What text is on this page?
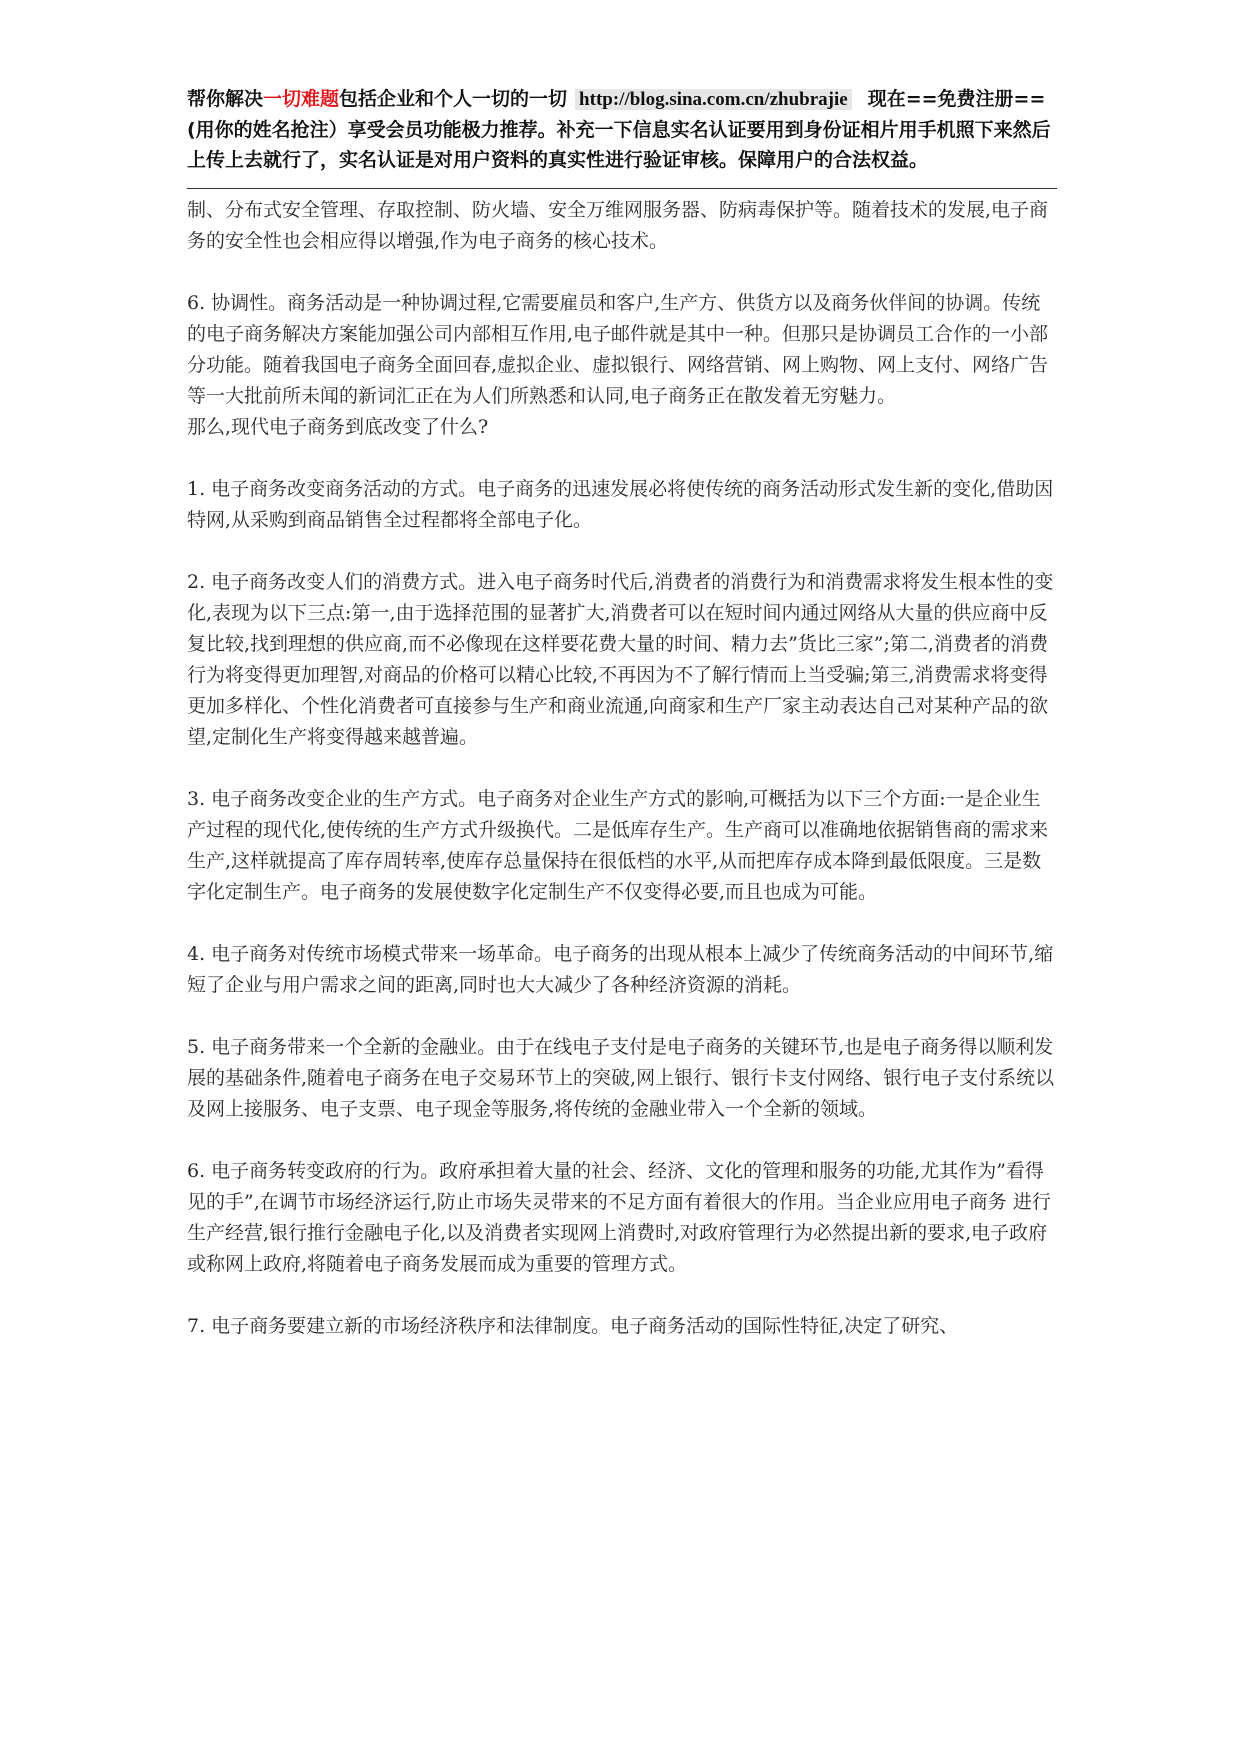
帮你解决一切难题包括企业和个人一切的一切 http://blog.sina.com.cn/zhubrajie 现在==免费注册==(用你的姓名抢注）享受会员功能极力推荐。补充一下信息实名认证要用到身份证相片用手机照下来然后上传上去就行了，实名认证是对用户资料的真实性进行验证审核。保障用户的合法权益。

制、分布式安全管理、存取控制、防火墙、安全万维网服务器、防病毒保护等。随着技术的发展,电子商务的安全性也会相应得以增强,作为电子商务的核心技术。

6. 协调性。商务活动是一种协调过程,它需要雇员和客户,生产方、供货方以及商务伙伴间的协调。传统的电子商务解决方案能加强公司内部相互作用,电子邮件就是其中一种。但那只是协调员工合作的一小部分功能。随着我国电子商务全面回春,虚拟企业、虚拟银行、网络营销、网上购物、网上支付、网络广告等一大批前所未闻的新词汇正在为人们所熟悉和认同,电子商务正在散发着无穷魅力。

那么,现代电子商务到底改变了什么?

1. 电子商务改变商务活动的方式。电子商务的迅速发展必将使传统的商务活动形式发生新的变化,借助因特网,从采购到商品销售全过程都将全部电子化。

2. 电子商务改变人们的消费方式。进入电子商务时代后,消费者的消费行为和消费需求将发生根本性的变化,表现为以下三点:第一,由于选择范围的显著扩大,消费者可以在短时间内通过网络从大量的供应商中反复比较,找到理想的供应商,而不必像现在这样要花费大量的时间、精力去”货比三家”;第二,消费者的消费行为将变得更加理智,对商品的价格可以精心比较,不再因为不了解行情而上当受骗;第三,消费需求将变得更加多样化、个性化消费者可直接参与生产和商业流通,向商家和生产厂家主动表达自己对某种产品的欲望,定制化生产将变得越来越普遍。

3. 电子商务改变企业的生产方式。电子商务对企业生产方式的影响,可概括为以下三个方面:一是企业生产过程的现代化,使传统的生产方式升级换代。二是低库存生产。生产商可以准确地依据销售商的需求来生产,这样就提高了库存周转率,使库存总量保持在很低档的水平,从而把库存成本降到最低限度。三是数字化定制生产。电子商务的发展使数字化定制生产不仅变得必要,而且也成为可能。

4. 电子商务对传统市场模式带来一场革命。电子商务的出现从根本上减少了传统商务活动的中间环节,缩短了企业与用户需求之间的距离,同时也大大减少了各种经济资源的消耗。

5. 电子商务带来一个全新的金融业。由于在线电子支付是电子商务的关键环节,也是电子商务得以顺利发展的基础条件,随着电子商务在电子交易环节上的突破,网上银行、银行卡支付网络、银行电子支付系统以及网上接服务、电子支票、电子现金等服务,将传统的金融业带入一个全新的领域。

6. 电子商务转变政府的行为。政府承担着大量的社会、经济、文化的管理和服务的功能,尤其作为”看得见的手”,在调节市场经济运行,防止市场失灵带来的不足方面有着很大的作用。当企业应用电子商务 进行生产经营,银行推行金融电子化,以及消费者实现网上消费时,对政府管理行为必然提出新的要求,电子政府或称网上政府,将随着电子商务发展而成为重要的管理方式。

7. 电子商务要建立新的市场经济秩序和法律制度。电子商务活动的国际性特征,决定了研究、
